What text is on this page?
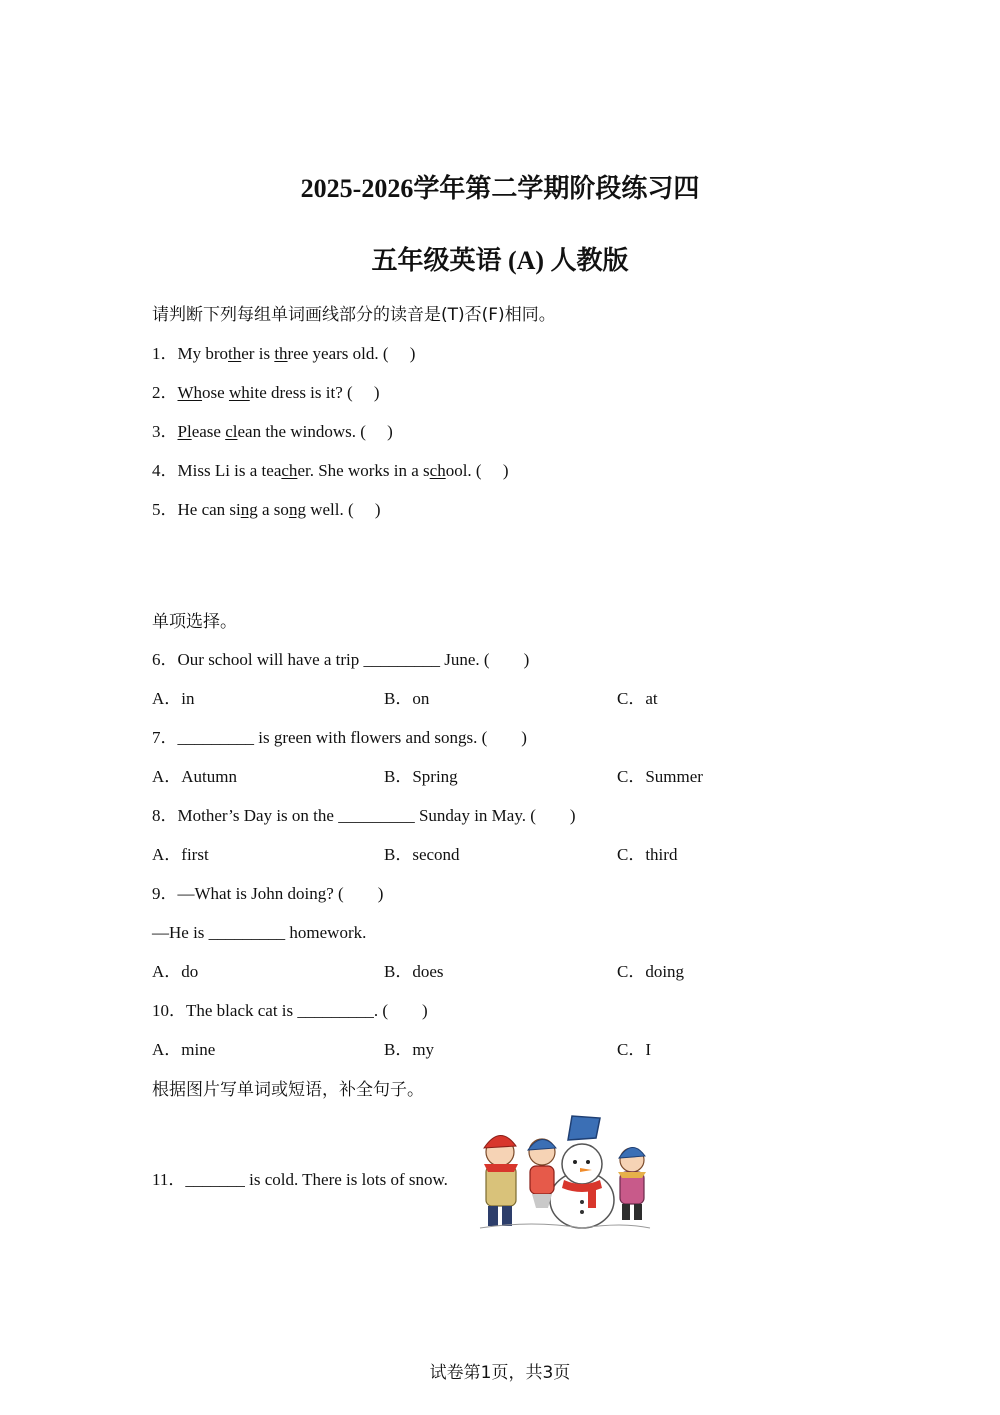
2025-2026学年第二学期阶段练习四
五年级英语 (A) 人教版
请判断下列每组单词画线部分的读音是(T)否(F)相同。
1．My brother is three years old. (　 )
2．Whose white dress is it? (　 )
3．Please clean the windows. (　 )
4．Miss Li is a teacher. She works in a school. (　 )
5．He can sing a song well. (　 )
单项选择。
6．Our school will have a trip _________ June. (　　)
A．in	B．on	C．at
7．_________ is green with flowers and songs. (　　)
A．Autumn	B．Spring	C．Summer
8．Mother’s Day is on the _________ Sunday in May. (　　)
A．first	B．second	C．third
9．—What is John doing? (　　)
—He is _________ homework.
A．do	B．does	C．doing
10．The black cat is _________. (　　)
A．mine	B．my	C．I
根据图片写单词或短语，补全句子。
11．_______ is cold. There is lots of snow.
试卷第1页，共3页
